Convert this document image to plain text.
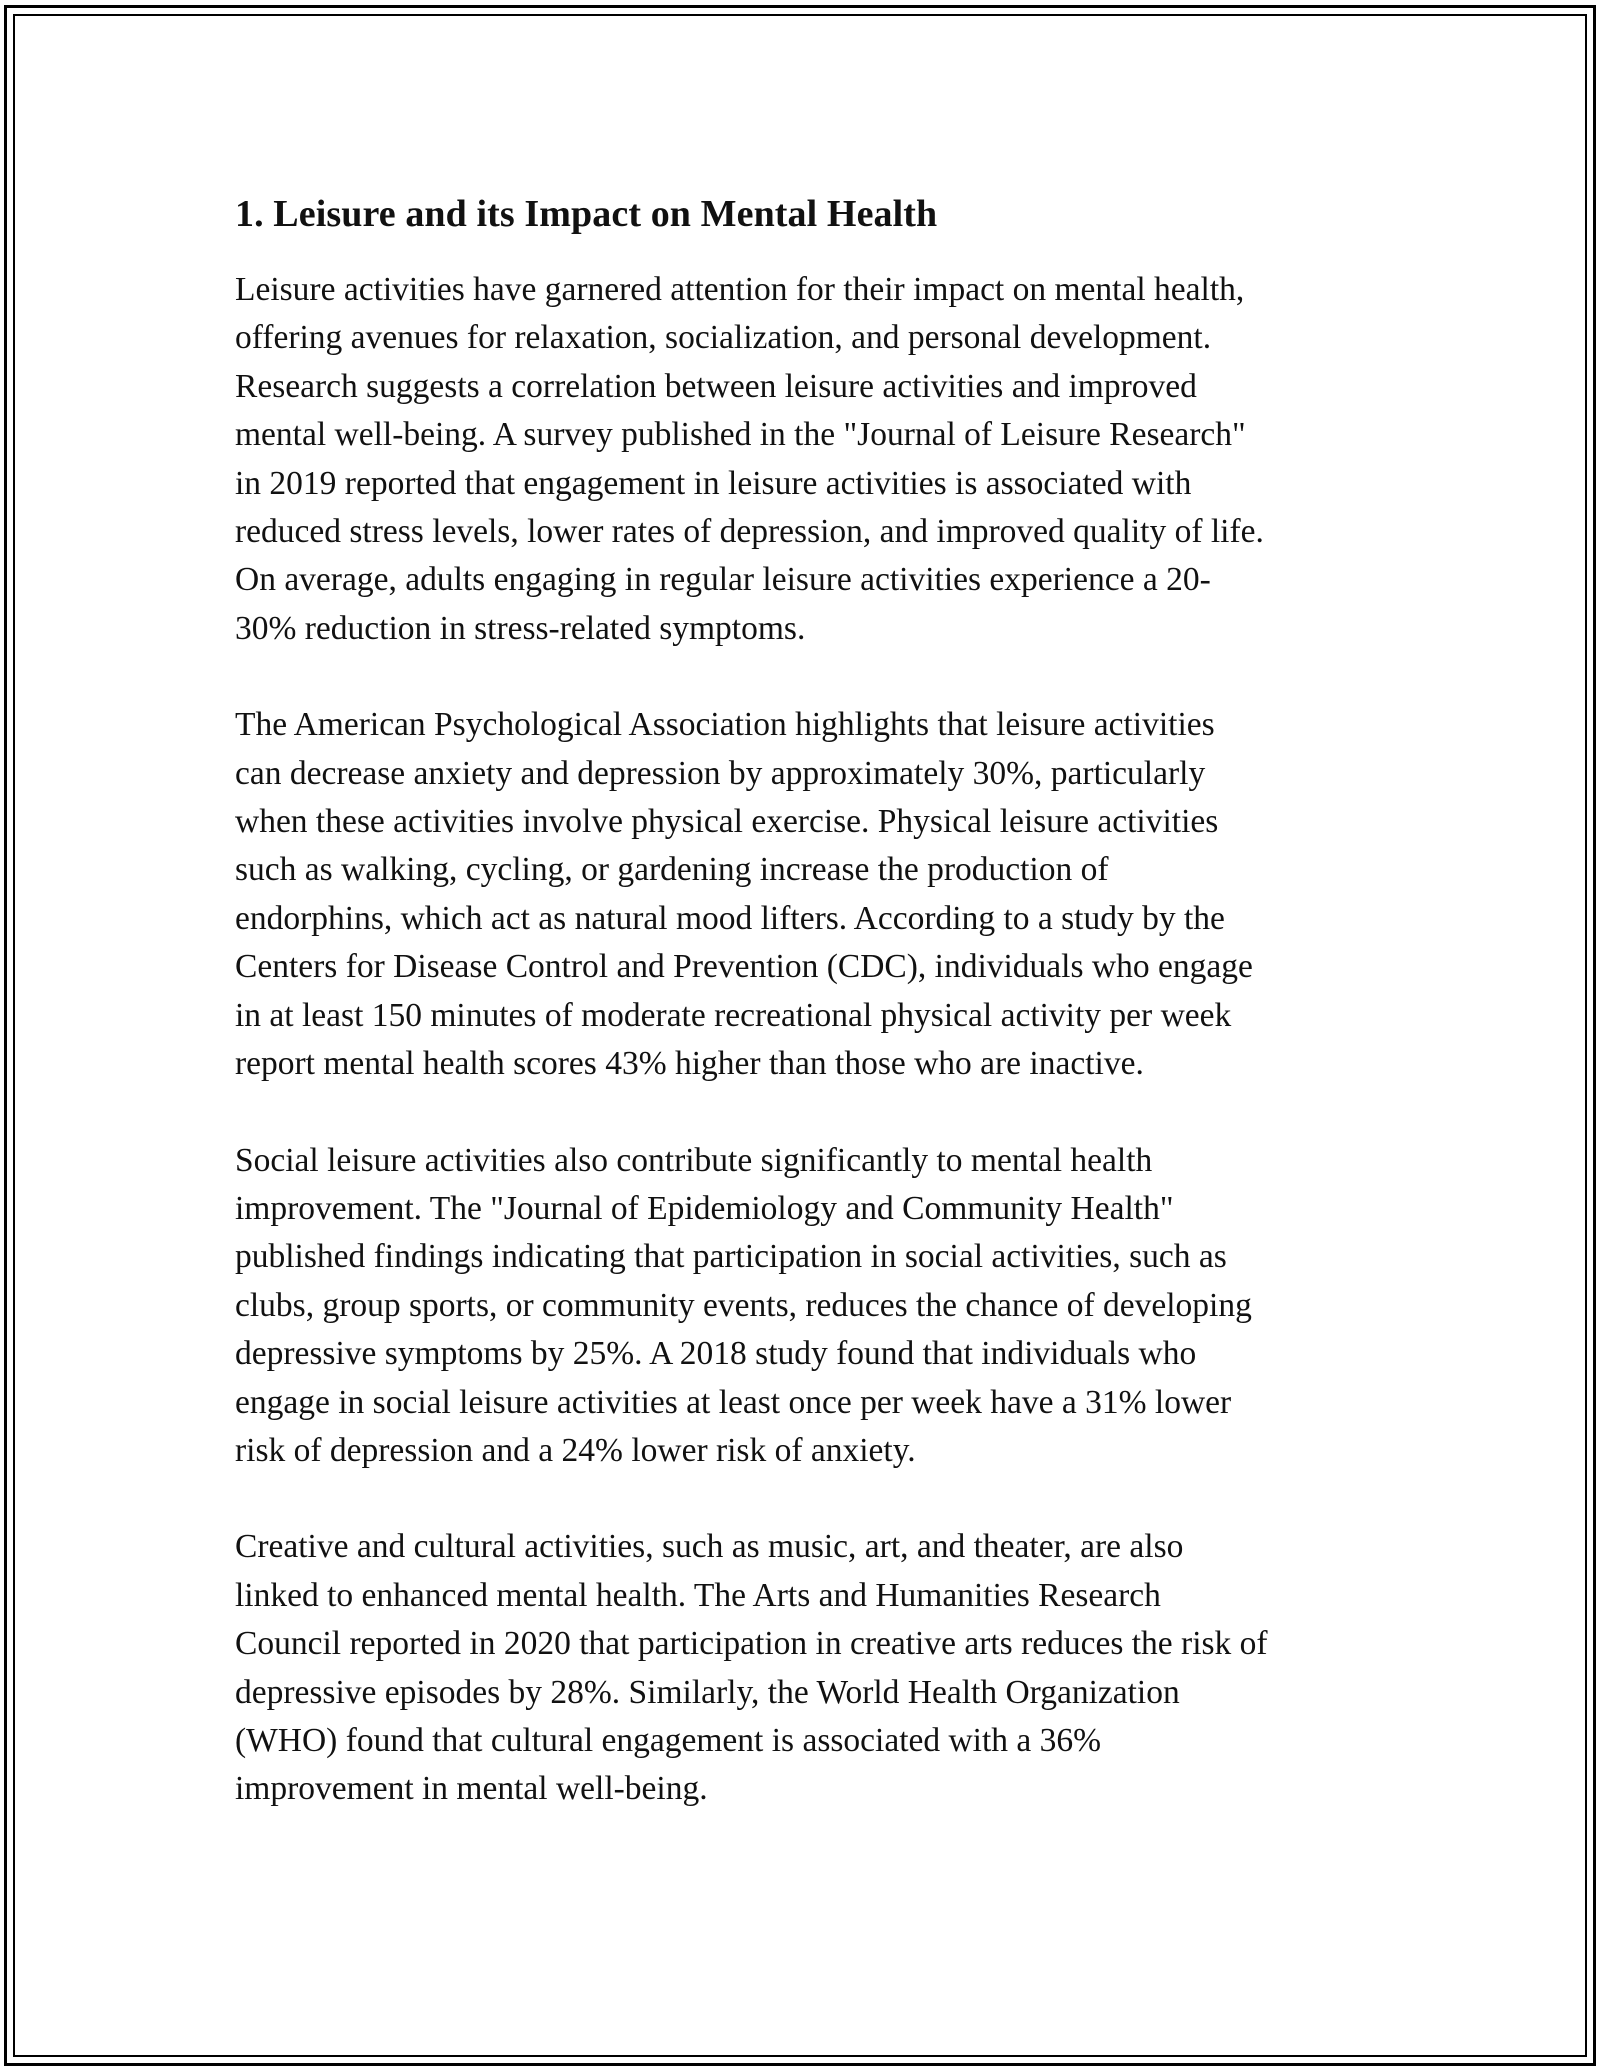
1. Leisure and its Impact on Mental Health

Leisure activities have garnered attention for their impact on mental health,
offering avenues for relaxation, socialization, and personal development.
Research suggests a correlation between leisure activities and improved
mental well-being. A survey published in the "Journal of Leisure Research"
in 2019 reported that engagement in leisure activities is associated with
reduced stress levels, lower rates of depression, and improved quality of life.
On average, adults engaging in regular leisure activities experience a 20-
30% reduction in stress-related symptoms.

The American Psychological Association highlights that leisure activities
can decrease anxiety and depression by approximately 30%, particularly
when these activities involve physical exercise. Physical leisure activities
such as walking, cycling, or gardening increase the production of
endorphins, which act as natural mood lifters. According to a study by the
Centers for Disease Control and Prevention (CDC), individuals who engage
in at least 150 minutes of moderate recreational physical activity per week
report mental health scores 43% higher than those who are inactive.

Social leisure activities also contribute significantly to mental health
improvement. The "Journal of Epidemiology and Community Health"
published findings indicating that participation in social activities, such as
clubs, group sports, or community events, reduces the chance of developing
depressive symptoms by 25%. A 2018 study found that individuals who
engage in social leisure activities at least once per week have a 31% lower
risk of depression and a 24% lower risk of anxiety.

Creative and cultural activities, such as music, art, and theater, are also
linked to enhanced mental health. The Arts and Humanities Research
Council reported in 2020 that participation in creative arts reduces the risk of
depressive episodes by 28%. Similarly, the World Health Organization
(WHO) found that cultural engagement is associated with a 36%
improvement in mental well-being.
